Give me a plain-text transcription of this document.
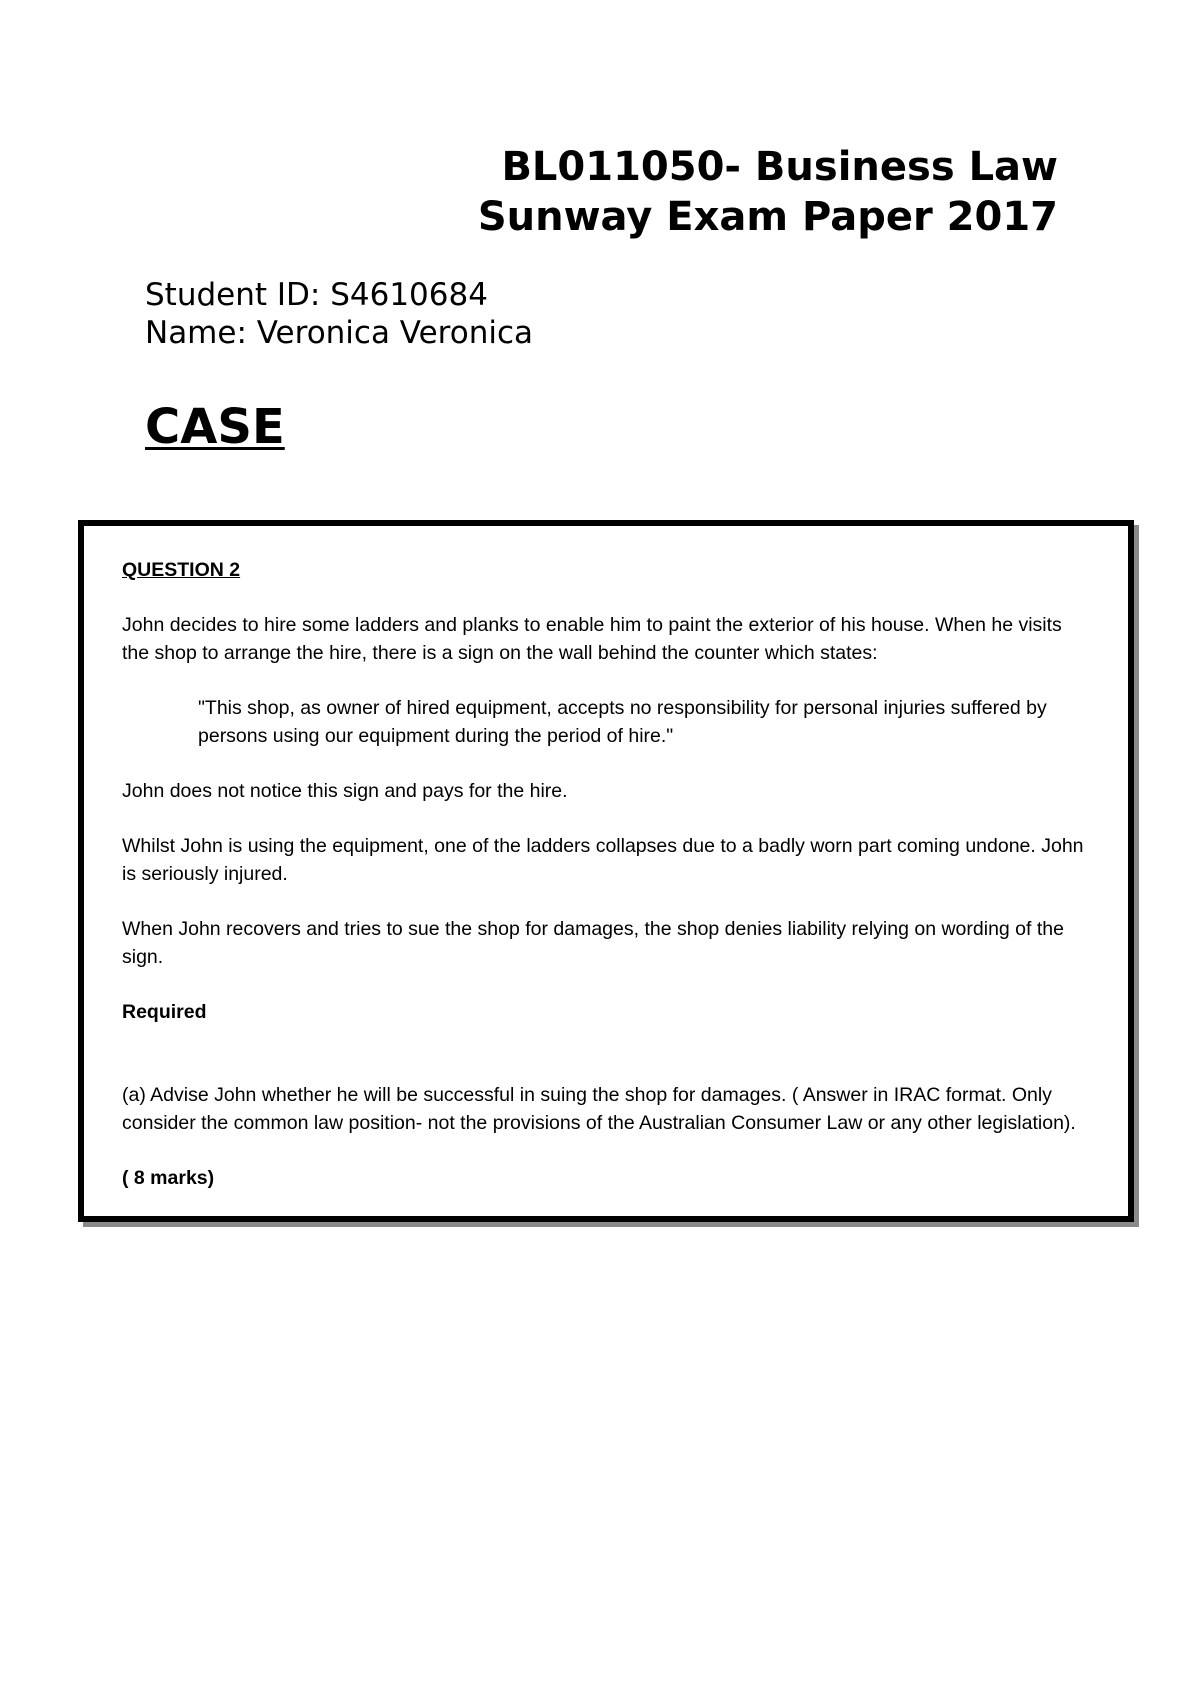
BL011050- Business Law
Sunway Exam Paper 2017
Student ID: S4610684
Name: Veronica Veronica
CASE

QUESTION 2

John decides to hire some ladders and planks to enable him to paint the exterior of his house. When he visits the shop to arrange the hire, there is a sign on the wall behind the counter which states:

"This shop, as owner of hired equipment, accepts no responsibility for personal injuries suffered by persons using our equipment during the period of hire."

John does not notice this sign and pays for the hire.

Whilst John is using the equipment, one of the ladders collapses due to a badly worn part coming undone. John is seriously injured.

When John recovers and tries to sue the shop for damages, the shop denies liability relying on wording of the sign.

Required

(a) Advise John whether he will be successful in suing the shop for damages. ( Answer in IRAC format. Only consider the common law position- not the provisions of the Australian Consumer Law or any other legislation).

( 8 marks)
